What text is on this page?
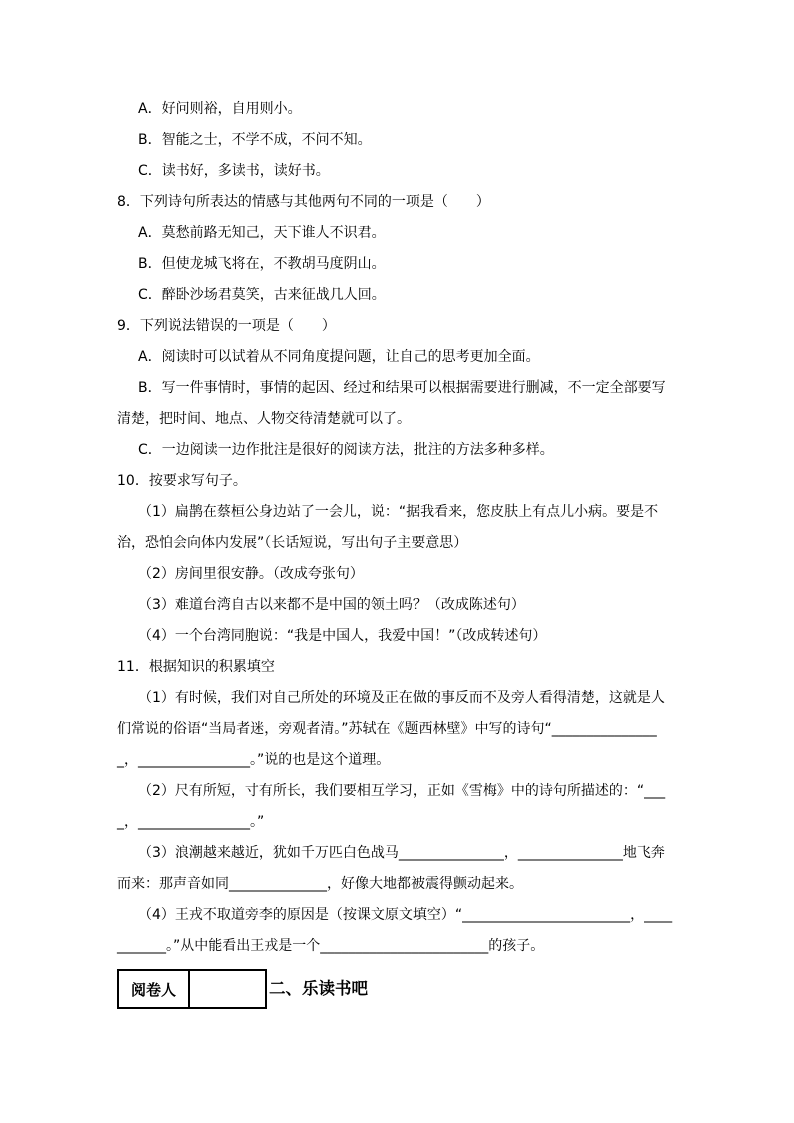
A．好问则裕，自用则小。

B．智能之士，不学不成，不问不知。

C．读书好，多读书，读好书。

8．下列诗句所表达的情感与其他两句不同的一项是（　　）

A．莫愁前路无知己，天下谁人不识君。

B．但使龙城飞将在，不教胡马度阴山。

C．醉卧沙场君莫笑，古来征战几人回。

9．下列说法错误的一项是（　　）

A．阅读时可以试着从不同角度提问题，让自己的思考更加全面。

B．写一件事情时，事情的起因、经过和结果可以根据需要进行删减，不一定全部要写清楚，把时间、地点、人物交待清楚就可以了。

C．一边阅读一边作批注是很好的阅读方法，批注的方法多种多样。

10．按要求写句子。

（1）扁鹊在蔡桓公身边站了一会儿，说：“据我看来，您皮肤上有点儿小病。要是不治，恐怕会向体内发展”（长话短说，写出句子主要意思）

（2）房间里很安静。（改成夸张句）

（3）难道台湾自古以来都不是中国的领土吗？（改成陈述句）

（4）一个台湾同胞说：“我是中国人，我爱中国！”（改成转述句）

11．根据知识的积累填空

（1）有时候，我们对自己所处的环境及正在做的事反而不及旁人看得清楚，这就是人们常说的俗语“当局者迷，旁观者清。”苏轼在《题西林壁》中写的诗句“________________，________________。”说的也是这个道理。

（2）尺有所短，寸有所长，我们要相互学习，正如《雪梅》中的诗句所描述的：“____，________________。”

（3）浪潮越来越近，犹如千万匹白色战马_______________，_______________地飞奔而来：那声音如同______________，好像大地都被震得颤动起来。

（4）王戎不取道旁李的原因是（按课文原文填空）“________________________，___________。”从中能看出王戎是一个________________________的孩子。

阅卷人	二、乐读书吧
